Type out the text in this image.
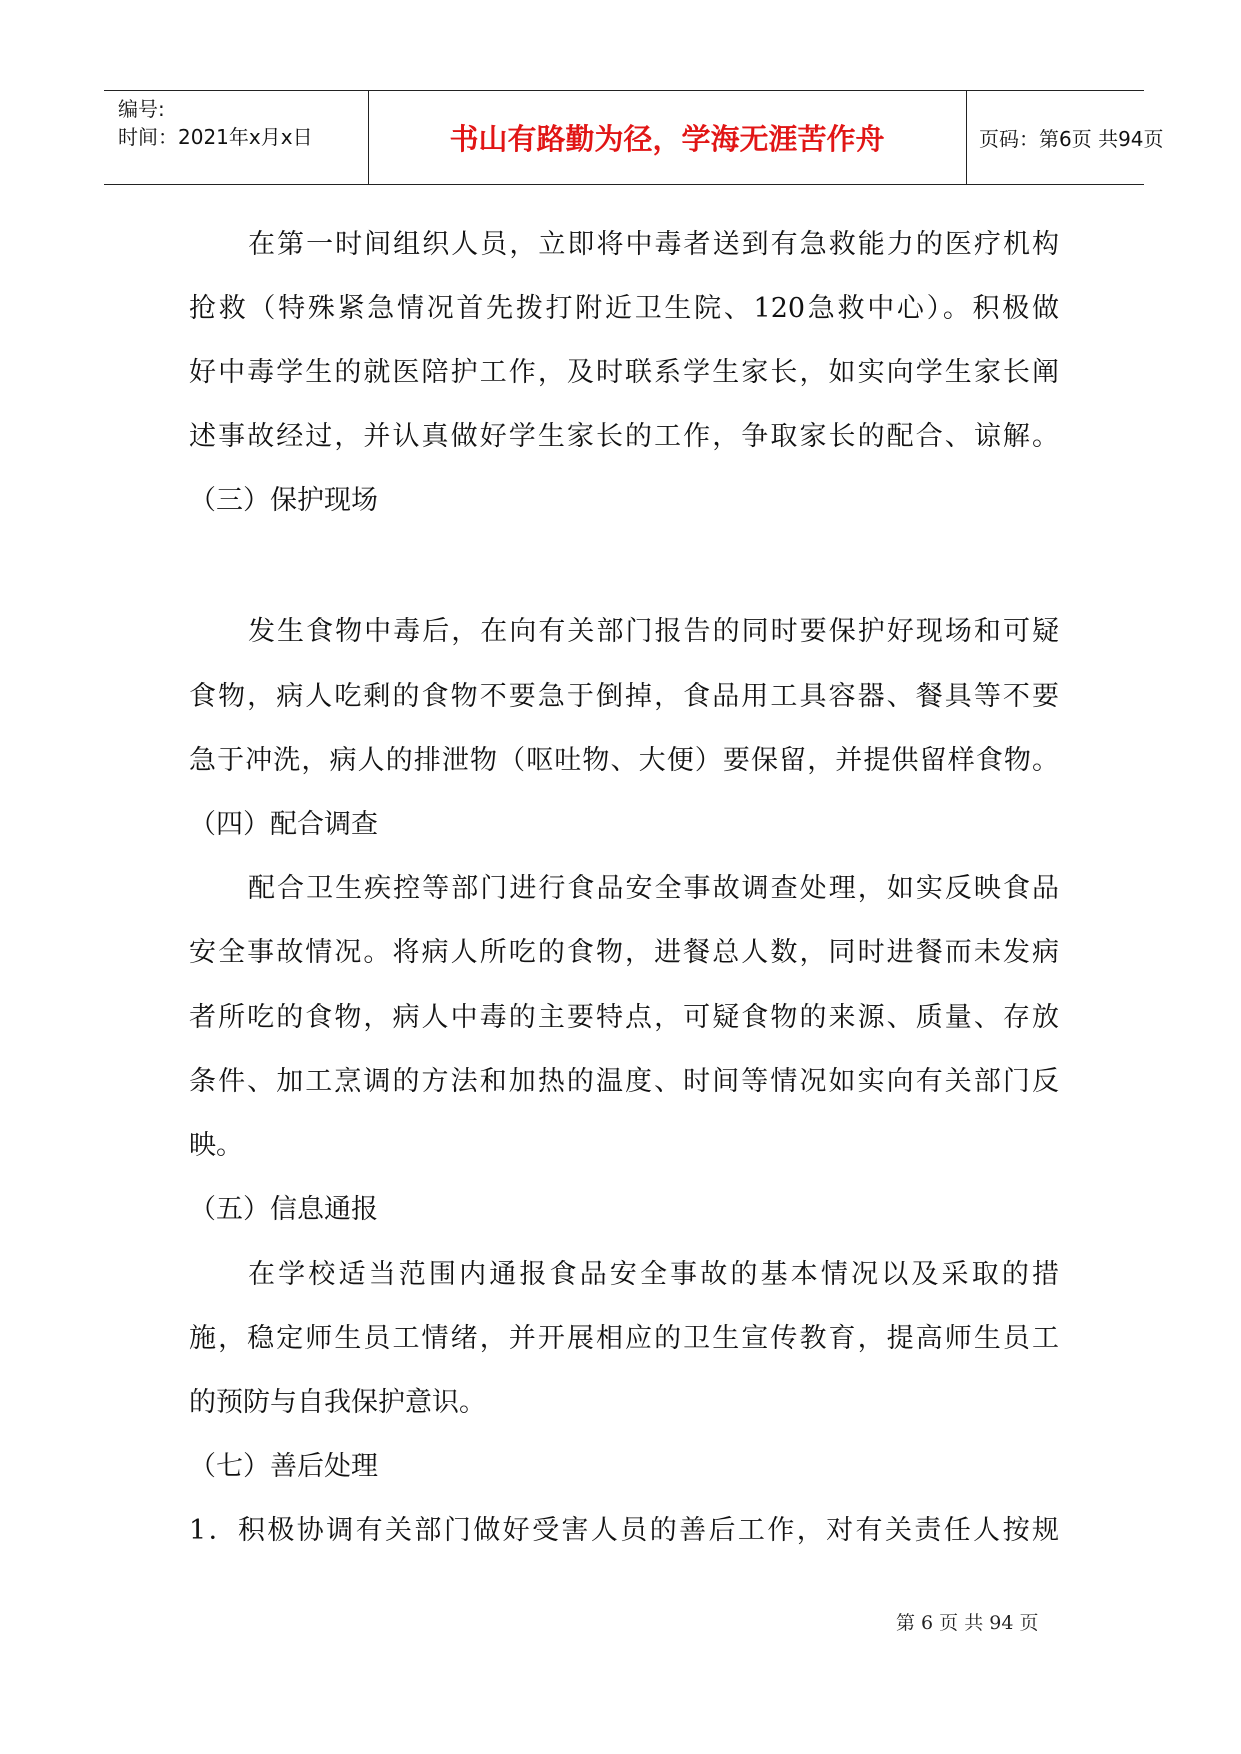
编号:
时间：2021年x月x日	书山有路勤为径，学海无涯苦作舟	页码：第6页 共94页
在第一时间组织人员，立即将中毒者送到有急救能力的医疗机构
抢救（特殊紧急情况首先拨打附近卫生院、120急救中心）。积极做
好中毒学生的就医陪护工作，及时联系学生家长，如实向学生家长阐
述事故经过，并认真做好学生家长的工作，争取家长的配合、谅解。
（三）保护现场
发生食物中毒后，在向有关部门报告的同时要保护好现场和可疑
食物，病人吃剩的食物不要急于倒掉，食品用工具容器、餐具等不要
急于冲洗，病人的排泄物（呕吐物、大便）要保留，并提供留样食物。
（四）配合调查
配合卫生疾控等部门进行食品安全事故调查处理，如实反映食品
安全事故情况。将病人所吃的食物，进餐总人数，同时进餐而未发病
者所吃的食物，病人中毒的主要特点，可疑食物的来源、质量、存放
条件、加工烹调的方法和加热的温度、时间等情况如实向有关部门反
映。
（五）信息通报
在学校适当范围内通报食品安全事故的基本情况以及采取的措
施，稳定师生员工情绪，并开展相应的卫生宣传教育，提高师生员工
的预防与自我保护意识。
（七）善后处理
1．积极协调有关部门做好受害人员的善后工作，对有关责任人按规
第 6 页 共 94 页
